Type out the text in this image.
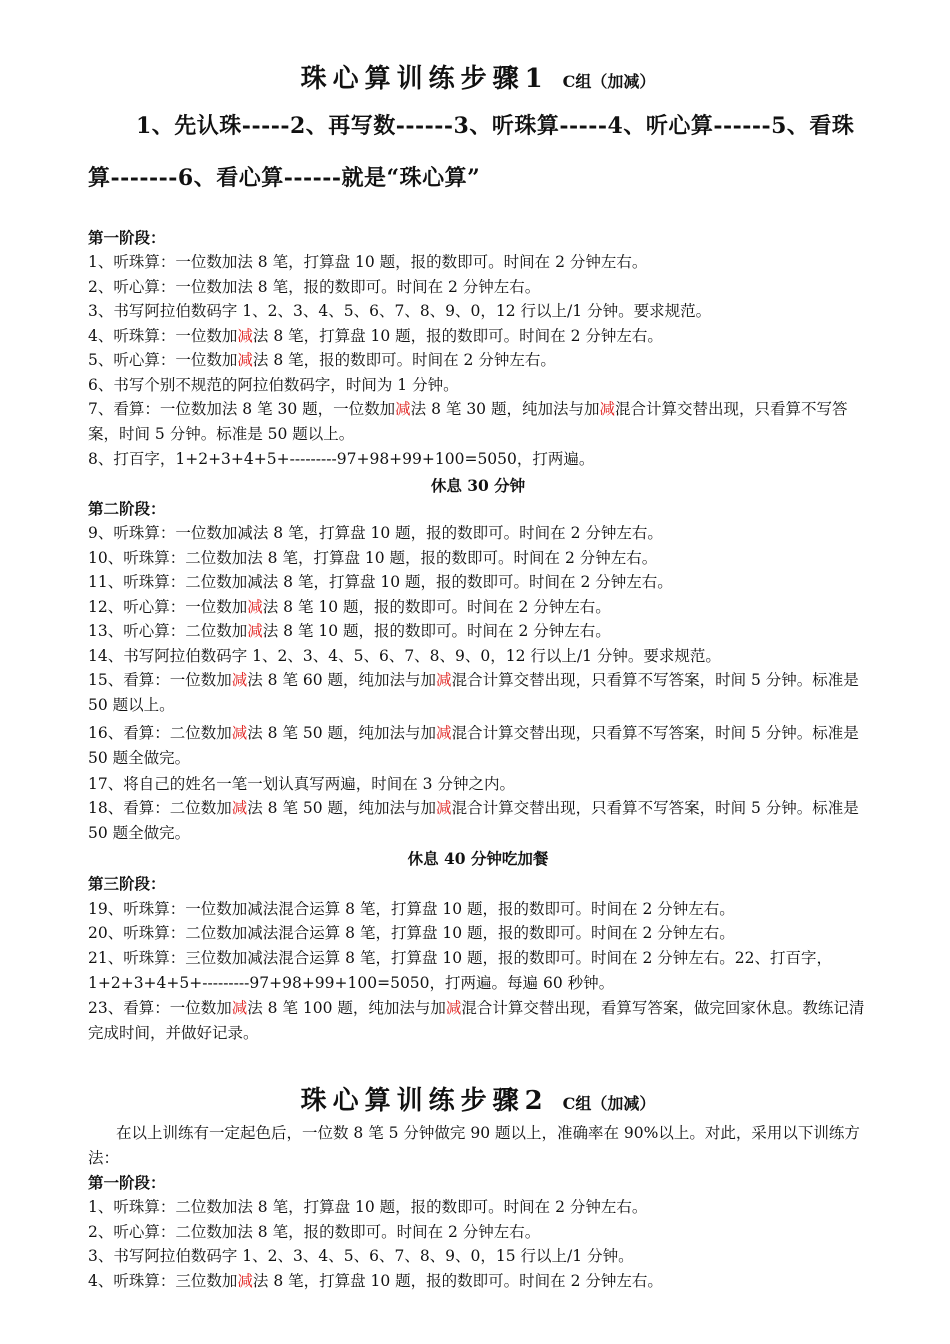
珠心算训练步骤1 C组（加减）
1、先认珠-----2、再写数------3、听珠算-----4、听心算------5、看珠算-------6、看心算------就是“珠心算”
第一阶段：
1、听珠算：一位数加法 8 笔，打算盘 10 题，报的数即可。时间在 2 分钟左右。
2、听心算：一位数加法 8 笔，报的数即可。时间在 2 分钟左右。
3、书写阿拉伯数码字 1、2、3、4、5、6、7、8、9、0，12 行以上/1 分钟。要求规范。
4、听珠算：一位数加减法 8 笔，打算盘 10 题，报的数即可。时间在 2 分钟左右。
5、听心算：一位数加减法 8 笔，报的数即可。时间在 2 分钟左右。
6、书写个别不规范的阿拉伯数码字，时间为 1 分钟。
7、看算：一位数加法 8 笔 30 题，一位数加减法 8 笔 30 题，纯加法与加减混合计算交替出现，只看算不写答案，时间 5 分钟。标准是 50 题以上。
8、打百字，1+2+3+4+5+---------97+98+99+100=5050，打两遍。
休息 30 分钟
第二阶段：
9、听珠算：一位数加减法 8 笔，打算盘 10 题，报的数即可。时间在 2 分钟左右。
10、听珠算：二位数加法 8 笔，打算盘 10 题，报的数即可。时间在 2 分钟左右。
11、听珠算：二位数加减法 8 笔，打算盘 10 题，报的数即可。时间在 2 分钟左右。
12、听心算：一位数加减法 8 笔 10 题，报的数即可。时间在 2 分钟左右。
13、听心算：二位数加减法 8 笔 10 题，报的数即可。时间在 2 分钟左右。
14、书写阿拉伯数码字 1、2、3、4、5、6、7、8、9、0，12 行以上/1 分钟。要求规范。
15、看算：一位数加减法 8 笔 60 题，纯加法与加减混合计算交替出现，只看算不写答案，时间 5 分钟。标准是 50 题以上。
16、看算：二位数加减法 8 笔 50 题，纯加法与加减混合计算交替出现，只看算不写答案，时间 5 分钟。标准是 50 题全做完。
17、将自己的姓名一笔一划认真写两遍，时间在 3 分钟之内。
18、看算：二位数加减法 8 笔 50 题，纯加法与加减混合计算交替出现，只看算不写答案，时间 5 分钟。标准是 50 题全做完。
休息 40 分钟吃加餐
第三阶段：
19、听珠算：一位数加减法混合运算 8 笔，打算盘 10 题，报的数即可。时间在 2 分钟左右。
20、听珠算：二位数加减法混合运算 8 笔，打算盘 10 题，报的数即可。时间在 2 分钟左右。
21、听珠算：三位数加减法混合运算 8 笔，打算盘 10 题，报的数即可。时间在 2 分钟左右。22、打百字，1+2+3+4+5+---------97+98+99+100=5050，打两遍。每遍 60 秒钟。
23、看算：一位数加减法 8 笔 100 题，纯加法与加减混合计算交替出现，看算写答案，做完回家休息。教练记清完成时间，并做好记录。
珠心算训练步骤2 C组（加减）
在以上训练有一定起色后，一位数 8 笔 5 分钟做完 90 题以上，准确率在 90%以上。对此，采用以下训练方法：
第一阶段：
1、听珠算：二位数加法 8 笔，打算盘 10 题，报的数即可。时间在 2 分钟左右。
2、听心算：二位数加法 8 笔，报的数即可。时间在 2 分钟左右。
3、书写阿拉伯数码字 1、2、3、4、5、6、7、8、9、0，15 行以上/1 分钟。
4、听珠算：三位数加减法 8 笔，打算盘 10 题，报的数即可。时间在 2 分钟左右。
